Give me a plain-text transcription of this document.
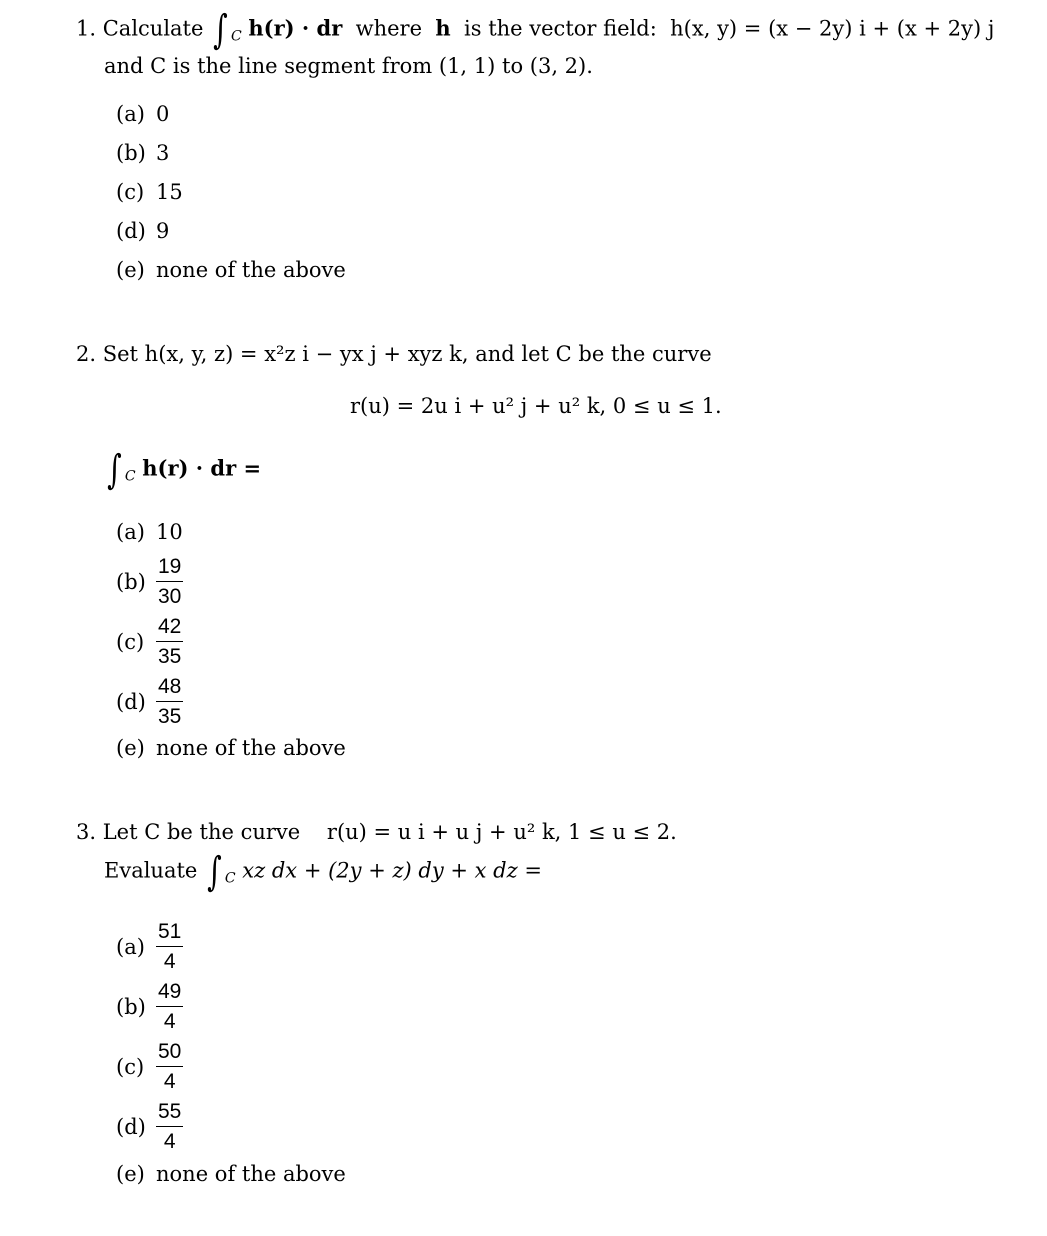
1. Calculate ∫ $_C$ h(r) · dr where h is the vector field: h(x, y) = (x − 2y) i + (x + 2y) j
and C is the line segment from (1, 1) to (3, 2).
(a) 0
(b) 3
(c) 15
(d) 9
(e) none of the above
2. Set h(x, y, z) = x²z i − yx j + xyz k, and let C be the curve
r(u) = 2u i + u² j + u² k, 0 ≤ u ≤ 1.
∫ $_C$ h(r) · dr =
(a) 10
$(b) \frac{19}{30}$
$(c) \frac{42}{35}$
$(d) \frac{48}{35}$
(e) none of the above
3. Let C be the curve r(u) = u i + u j + u² k, 1 ≤ u ≤ 2.
Evaluate ∫ $_C$ xz dx + (2y + z) dy + x dz =
$(a) \frac{51}{4}$
$(b) \frac{49}{4}$
$(c) \frac{50}{4}$
$(d) \frac{55}{4}$
(e) none of the above
